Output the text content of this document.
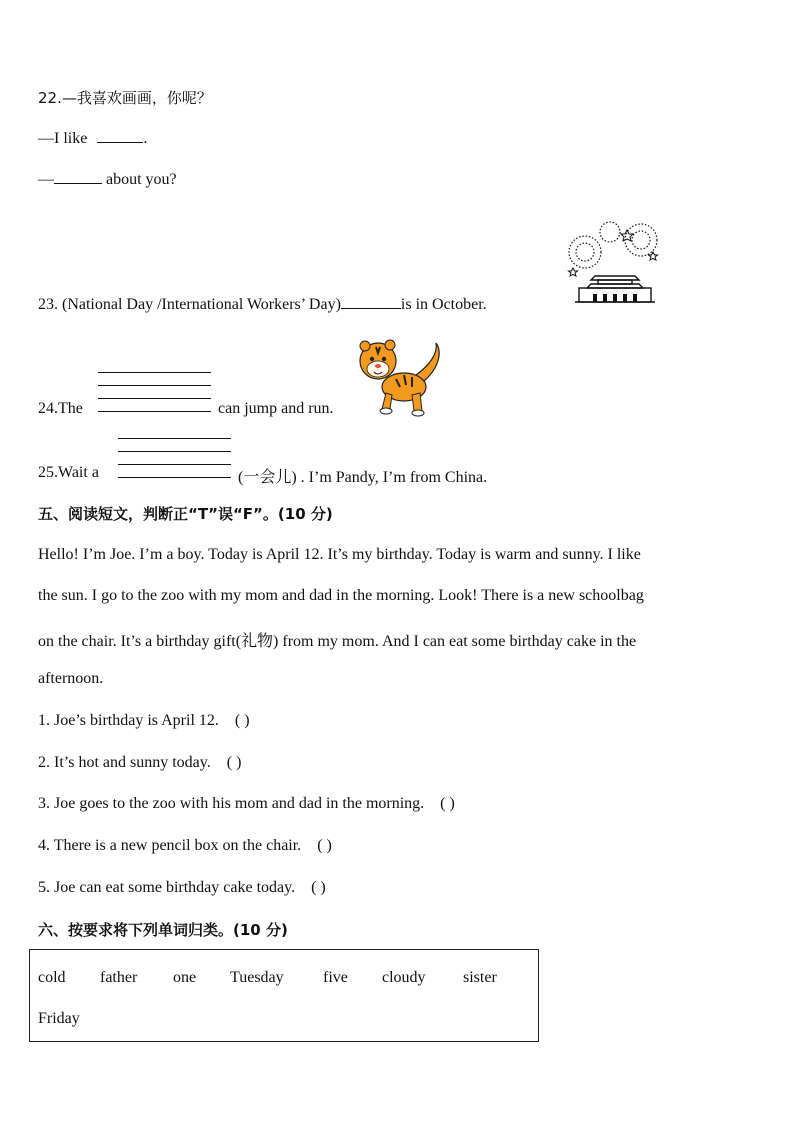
22.—我喜欢画画，你呢？
—I like	.
—	about you?
23. (National Day /International Workers’ Day)	is in October.
24.The	can jump and run.
25.Wait a	(一会儿) . I’m Pandy, I’m from China.
五、阅读短文，判断正“T”误“F”。(10 分)
Hello! I’m Joe. I’m a boy. Today is April 12. It’s my birthday. Today is warm and sunny. I like
the sun. I go to the zoo with my mom and dad in the morning. Look! There is a new schoolbag
on the chair. It’s a birthday gift(礼物) from my mom. And I can eat some birthday cake in the
afternoon.
1. Joe’s birthday is April 12. ( )
2. It’s hot and sunny today. ( )
3. Joe goes to the zoo with his mom and dad in the morning. ( )
4. There is a new pencil box on the chair. ( )
5. Joe can eat some birthday cake today. ( )
六、按要求将下列单词归类。(10 分)
cold father one Tuesday five cloudy sister
Friday
